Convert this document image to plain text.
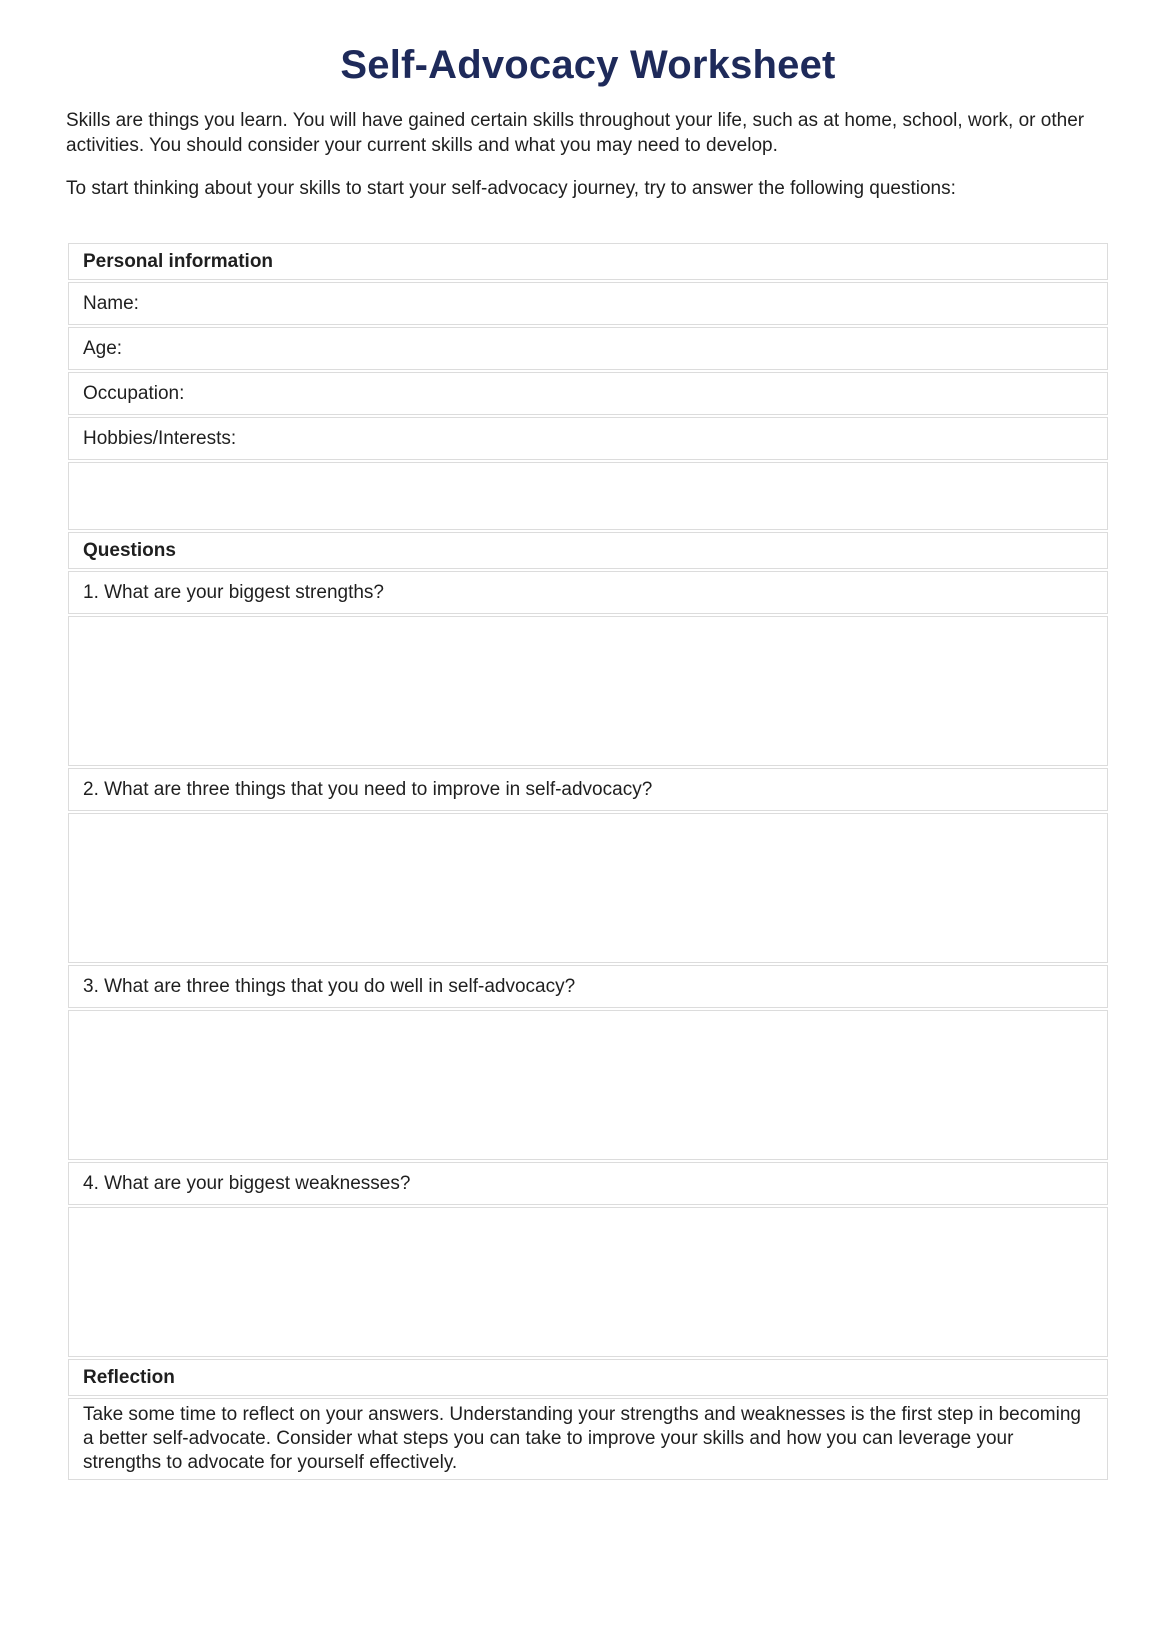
Self-Advocacy Worksheet

Skills are things you learn. You will have gained certain skills throughout your life, such as at home, school, work, or other activities. You should consider your current skills and what you may need to develop.

To start thinking about your skills to start your self-advocacy journey, try to answer the following questions:

Personal information
Name:
Age:
Occupation:
Hobbies/Interests:

Questions
1. What are your biggest strengths?

2. What are three things that you need to improve in self-advocacy?

3. What are three things that you do well in self-advocacy?

4. What are your biggest weaknesses?

Reflection
Take some time to reflect on your answers. Understanding your strengths and weaknesses is the first step in becoming a better self-advocate. Consider what steps you can take to improve your skills and how you can leverage your strengths to advocate for yourself effectively.
